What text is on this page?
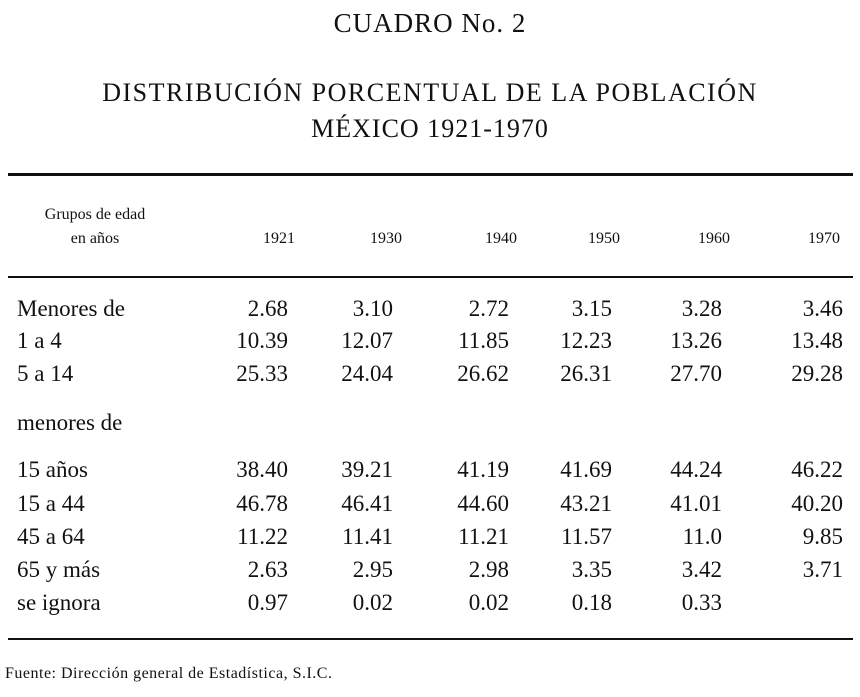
CUADRO No. 2
DISTRIBUCIÓN PORCENTUAL DE LA POBLACIÓN
MÉXICO 1921-1970
Grupos de edad
en años	1921	1930	1940	1950	1960	1970
Menores de	2.68	3.10	2.72	3.15	3.28	3.46
1 a 4	10.39	12.07	11.85	12.23	13.26	13.48
5 a 14	25.33	24.04	26.62	26.31	27.70	29.28
menores de
15 años	38.40	39.21	41.19	41.69	44.24	46.22
15 a 44	46.78	46.41	44.60	43.21	41.01	40.20
45 a 64	11.22	11.41	11.21	11.57	11.0	9.85
65 y más	2.63	2.95	2.98	3.35	3.42	3.71
se ignora	0.97	0.02	0.02	0.18	0.33
Fuente: Dirección general de Estadística, S.I.C.
